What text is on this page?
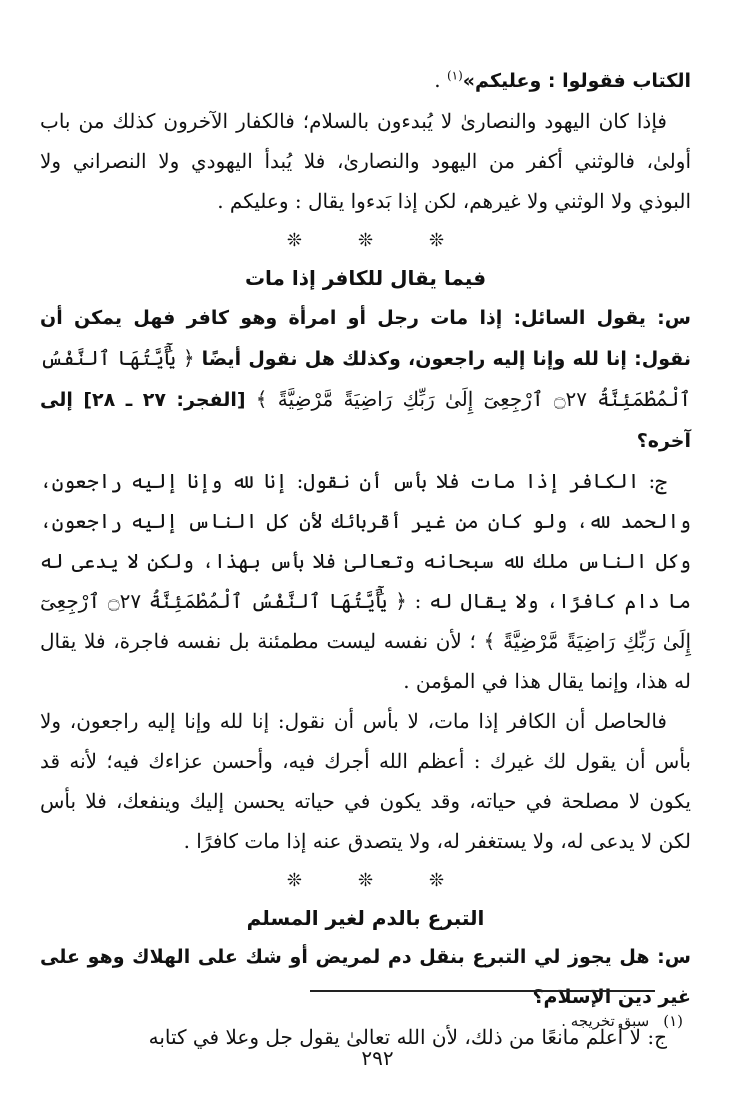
الكتاب فقولوا : وعليكم»$^{(١)}$ .

فإذا كان اليهود والنصارىٰ لا يُبدءون بالسلام؛ فالكفار الآخرون كذلك من باب أولىٰ، فالوثني أكفر من اليهود والنصارىٰ، فلا يُبدأ اليهودي ولا النصراني ولا البوذي ولا الوثني ولا غيرهم، لكن إذا بَدءوا يقال : وعليكم .

❊❊❊
فيما يقال للكافر إذا مات

س: يقول السائل: إذا مات رجل أو امرأة وهو كافر فهل يمكن أن نقول: إنا لله وإنا إليه راجعون، وكذلك هل نقول أيضًا ﴿ يَٰٓأَيَّتُهَا ٱلنَّفْسُ ٱلْمُطْمَئِنَّةُ ۝٢٧ ٱرْجِعِىٓ إِلَىٰ رَبِّكِ رَاضِيَةً مَّرْضِيَّةً ﴾ [الفجر: ٢٧ ـ ٢٨] إلى آخره؟

ج: الكافر إذا مات فلا بأس أن نقول: إنا لله وإنا إليه راجعون، والحمد لله، ولو كان من غير أقربائك لأن كل الناس إليه راجعون، وكل الناس ملك لله سبحانه وتعالىٰ فلا بأس بهذا، ولكن لا يدعى له ما دام كافرًا، ولا يقال له : ﴿ يَٰٓأَيَّتُهَا ٱلنَّفْسُ ٱلْمُطْمَئِنَّةُ ۝٢٧ ٱرْجِعِىٓ إِلَىٰ رَبِّكِ رَاضِيَةً مَّرْضِيَّةً ﴾ ؛ لأن نفسه ليست مطمئنة بل نفسه فاجرة، فلا يقال له هذا، وإنما يقال هذا في المؤمن .

فالحاصل أن الكافر إذا مات، لا بأس أن نقول: إنا لله وإنا إليه راجعون، ولا بأس أن يقول لك غيرك : أعظم الله أجرك فيه، وأحسن عزاءك فيه؛ لأنه قد يكون لا مصلحة في حياته، وقد يكون في حياته يحسن إليك وينفعك، فلا بأس لكن لا يدعى له، ولا يستغفر له، ولا يتصدق عنه إذا مات كافرًا .

❊❊❊
التبرع بالدم لغير المسلم

س: هل يجوز لي التبرع بنقل دم لمريض أو شك على الهلاك وهو على غير دين الإسلام؟

ج: لا أعلم مانعًا من ذلك، لأن الله تعالىٰ يقول جل وعلا في كتابه

(١)سبق تخريجه .
٢٩٢
